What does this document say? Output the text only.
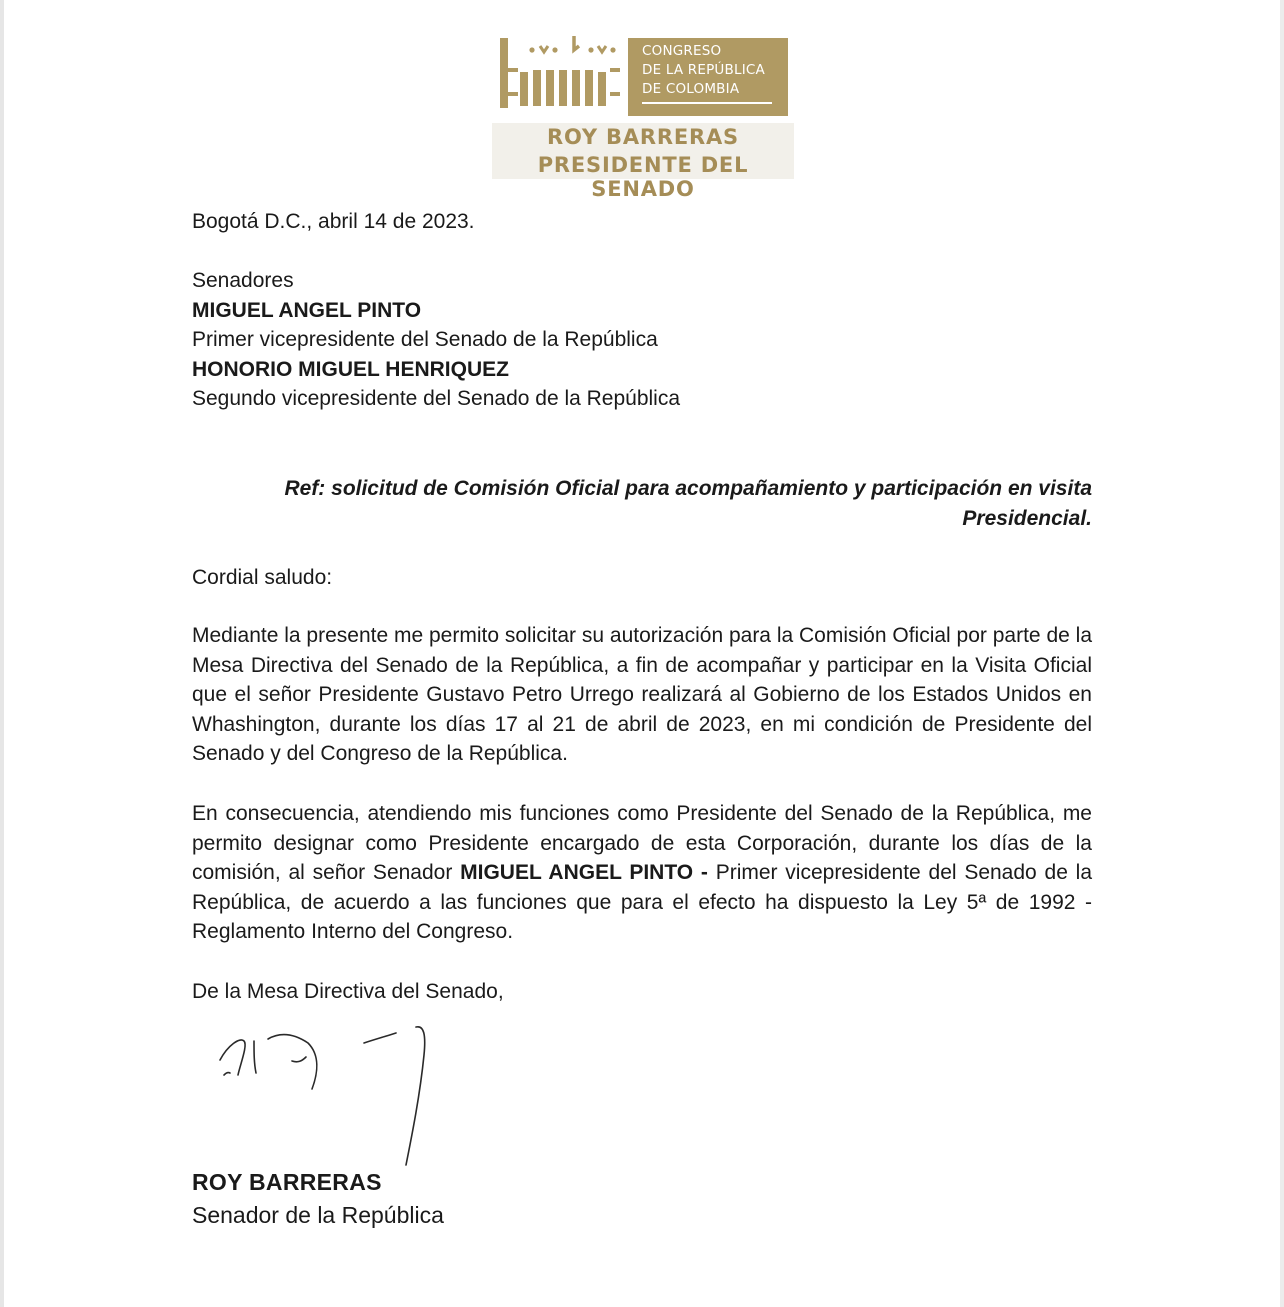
CONGRESO
DE LA REPÚBLICA
DE COLOMBIA
ROY BARRERAS
PRESIDENTE DEL SENADO
Bogotá D.C., abril 14 de 2023.
Senadores
MIGUEL ANGEL PINTO
Primer vicepresidente del Senado de la República
HONORIO MIGUEL HENRIQUEZ
Segundo vicepresidente del Senado de la República
Ref: solicitud de Comisión Oficial para acompañamiento y participación en visita
Presidencial.
Cordial saludo:
Mediante la presente me permito solicitar su autorización para la Comisión Oficial por parte de la Mesa Directiva del Senado de la República, a fin de acompañar y participar en la Visita Oficial que el señor Presidente Gustavo Petro Urrego realizará al Gobierno de los Estados Unidos en Whashington, durante los días 17 al 21 de abril de 2023, en mi condición de Presidente del Senado y del Congreso de la República.
En consecuencia, atendiendo mis funciones como Presidente del Senado de la República, me permito designar como Presidente encargado de esta Corporación, durante los días de la comisión, al señor Senador MIGUEL ANGEL PINTO - Primer vicepresidente del Senado de la República, de acuerdo a las funciones que para el efecto ha dispuesto la Ley 5ª de 1992 - Reglamento Interno del Congreso.
De la Mesa Directiva del Senado,
ROY BARRERAS
Senador de la República
